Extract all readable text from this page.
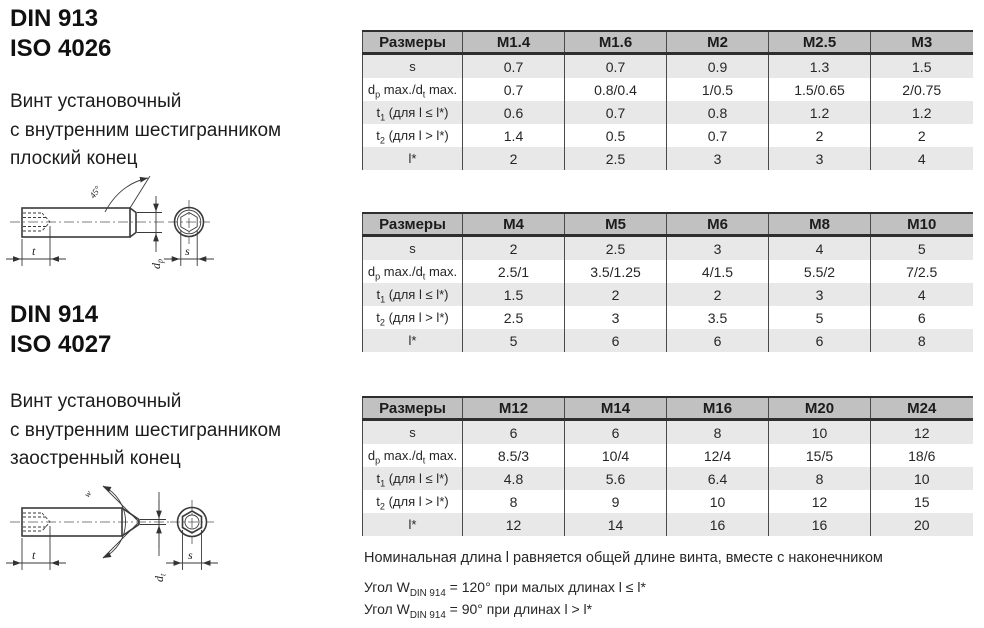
DIN 913
ISO 4026
Винт установочный
с внутренним шестигранником
плоский конец
45°
t
$d_p$
s
DIN 914
ISO 4027
Винт установочный
с внутренним шестигранником
заостренный конец
w
t
$d_t$
s
Размеры	M1.4	M1.6	M2	M2.5	M3
s	0.7	0.7	0.9	1.3	1.5
$d_p$ $\max./d_t$ max.	0.7	0.8/0.4	1/0.5	1.5/0.65	2/0.75
$t_1$ (для l ≤ l*)	0.6	0.7	0.8	1.2	1.2
$t_2$ (для l > l*)	1.4	0.5	0.7	2	2
l*	2	2.5	3	3	4
Размеры	M4	M5	M6	M8	M10
s	2	2.5	3	4	5
$d_p$ $\max./d_t$ max.	2.5/1	3.5/1.25	4/1.5	5.5/2	7/2.5
$t_1$ (для l ≤ l*)	1.5	2	2	3	4
$t_2$ (для l > l*)	2.5	3	3.5	5	6
l*	5	6	6	6	8
Размеры	M12	M14	M16	M20	M24
s	6	6	8	10	12
$d_p$ $\max./d_t$ max.	8.5/3	10/4	12/4	15/5	18/6
$t_1$ (для l ≤ l*)	4.8	5.6	6.4	8	10
$t_2$ (для l > l*)	8	9	10	12	15
l*	12	14	16	16	20
Номинальная длина l равняется общей длине винта, вместе с наконечником
Угол $W_{DIN 914} = 120^\circ$ при малых длинах l ≤ l*
Угол $W_{DIN 914} = 90^\circ$ при длинах l > l*
